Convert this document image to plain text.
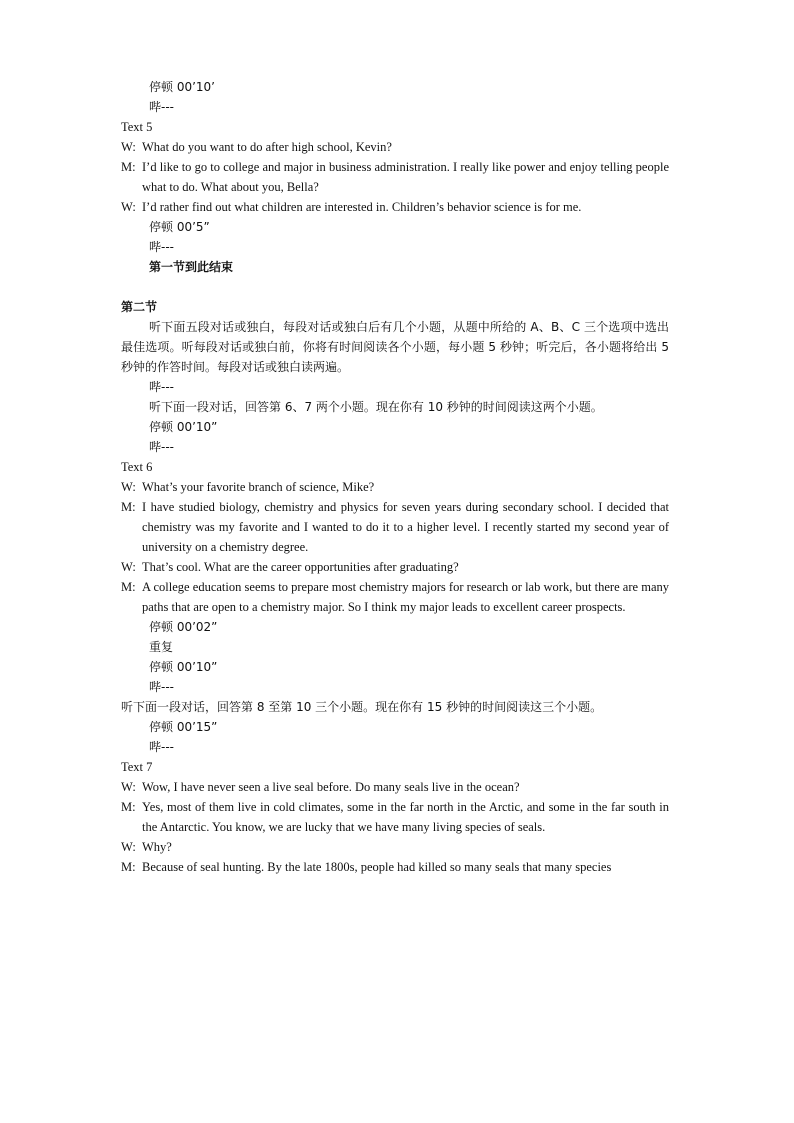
停顿 00’10’
哔---
Text 5
W: What do you want to do after high school, Kevin?
M: I’d like to go to college and major in business administration. I really like power and enjoy telling people what to do. What about you, Bella?
W: I’d rather find out what children are interested in. Children’s behavior science is for me.
停顿 00’5”
哔---
第一节到此结束
第二节
听下面五段对话或独白，每段对话或独白后有几个小题，从题中所给的 A、B、C 三个选项中选出最佳选项。听每段对话或独白前，你将有时间阅读各个小题，每小题 5 秒钟；听完后，各小题将给出 5 秒钟的作答时间。每段对话或独白读两遍。
哔---
听下面一段对话，回答第 6、7 两个小题。现在你有 10 秒钟的时间阅读这两个小题。
停顿 00’10”
哔---
Text 6
W: What’s your favorite branch of science, Mike?
M: I have studied biology, chemistry and physics for seven years during secondary school. I decided that chemistry was my favorite and I wanted to do it to a higher level. I recently started my second year of university on a chemistry degree.
W: That’s cool. What are the career opportunities after graduating?
M: A college education seems to prepare most chemistry majors for research or lab work, but there are many paths that are open to a chemistry major. So I think my major leads to excellent career prospects.
停顿 00’02”
重复
停顿 00’10”
哔---
听下面一段对话，回答第 8 至第 10 三个小题。现在你有 15 秒钟的时间阅读这三个小题。
停顿 00’15”
哔---
Text 7
W: Wow, I have never seen a live seal before. Do many seals live in the ocean?
M: Yes, most of them live in cold climates, some in the far north in the Arctic, and some in the far south in the Antarctic. You know, we are lucky that we have many living species of seals.
W: Why?
M: Because of seal hunting. By the late 1800s, people had killed so many seals that many species
